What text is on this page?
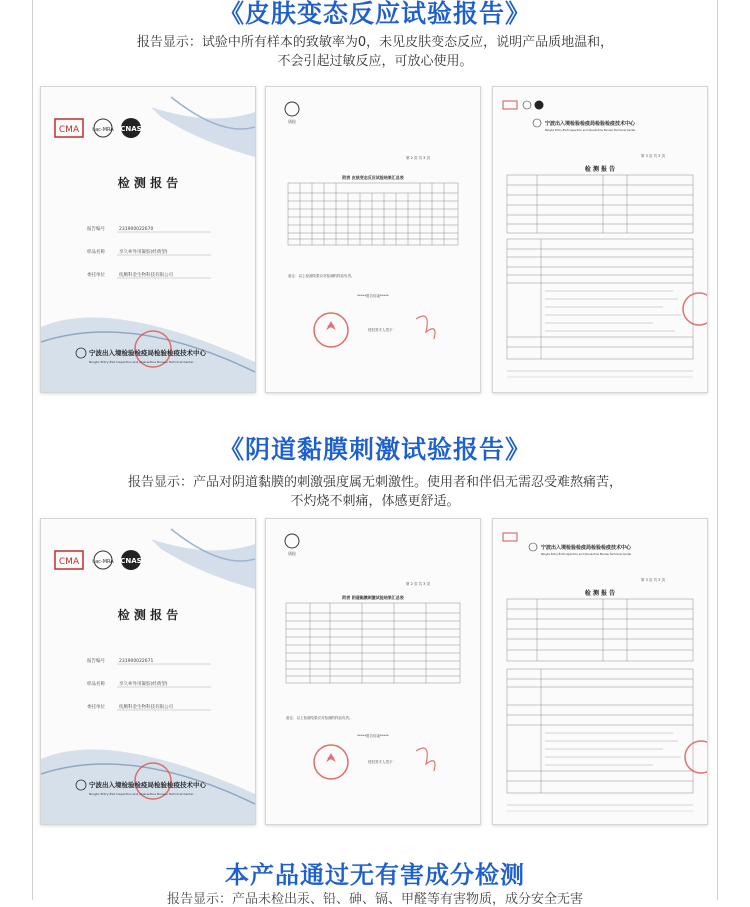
《皮肤变态反应试验报告》

报告显示：试验中所有样本的致敏率为0，未见皮肤变态反应，说明产品质地温和，

不会引起过敏反应，可放心使用。

CMA	ilac-MRA CNAS
检 测 报 告
报告编号	231900022670
样品名称	享久®外用凝胶(经典型)
委托单位	抚顺科金生物科技有限公司
宁波出入境检验检疫局检验检疫技术中心
Ningbo Entry-Exit Inspection and Quarantine Bureau Technical Center
质检
第 2 页 共 3 页
附表 皮肤变态反应试验结果汇总表
备注：以上检测结果仅对检测的样品负责。
*****报告结束*****
授权签字人签字：
宁波出入境检验检疫局检验检疫技术中心
Ningbo Entry-Exit Inspection and Quarantine Bureau Technical Center
第 3 页 共 3 页
检 测 报 告
《阴道黏膜刺激试验报告》

报告显示：产品对阴道黏膜的刺激强度属无刺激性。使用者和伴侣无需忍受难熬痛苦，

不灼烧不刺痛，体感更舒适。

CMA	ilac-MRA CNAS
检 测 报 告
报告编号	231900022671
样品名称	享久®外用凝胶(经典型)
委托单位	抚顺科金生物科技有限公司
宁波出入境检验检疫局检验检疫技术中心
Ningbo Entry-Exit Inspection and Quarantine Bureau Technical Center
质检
第 2 页 共 3 页
附表 阴道黏膜刺激试验结果汇总表
备注：以上检测结果仅对检测的样品负责。
*****报告结束*****
授权签字人签字：
宁波出入境检验检疫局检验检疫技术中心
Ningbo Entry-Exit Inspection and Quarantine Bureau Technical Center
第 3 页 共 3 页
检 测 报 告
本产品通过无有害成分检测

报告显示：产品未检出汞、铅、砷、镉、甲醛等有害物质，成分安全无害
